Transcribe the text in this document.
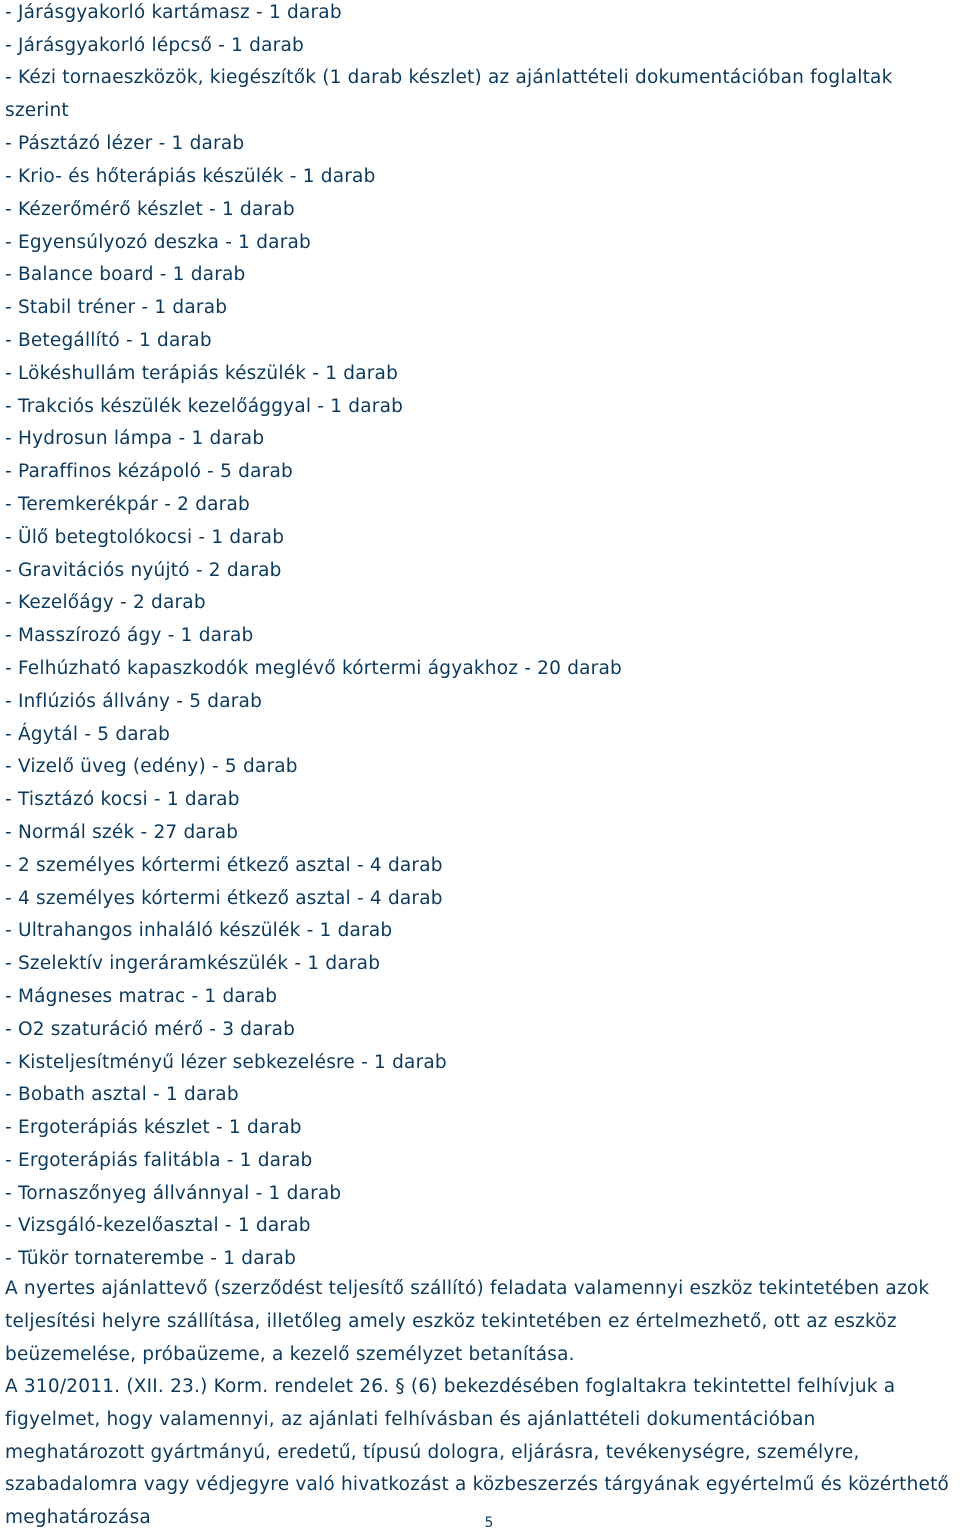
- Járásgyakorló kartámasz - 1 darab
- Járásgyakorló lépcső - 1 darab
- Kézi tornaeszközök, kiegészítők (1 darab készlet) az ajánlattételi dokumentációban foglaltak szerint
- Pásztázó lézer - 1 darab
- Krio- és hőterápiás készülék - 1 darab
- Kézerőmérő készlet - 1 darab
- Egyensúlyozó deszka - 1 darab
- Balance board - 1 darab
- Stabil tréner - 1 darab
- Betegállító - 1 darab
- Lökéshullám terápiás készülék - 1 darab
- Trakciós készülék kezelőággyal - 1 darab
- Hydrosun lámpa - 1 darab
- Paraffinos kézápoló - 5 darab
- Teremkerékpár - 2 darab
- Ülő betegtolókocsi - 1 darab
- Gravitációs nyújtó - 2 darab
- Kezelőágy - 2 darab
- Masszírozó ágy - 1 darab
- Felhúzható kapaszkodók meglévő kórtermi ágyakhoz - 20 darab
- Inflúziós állvány - 5 darab
- Ágytál - 5 darab
- Vizelő üveg (edény) - 5 darab
- Tisztázó kocsi - 1 darab
- Normál szék - 27 darab
- 2 személyes kórtermi étkező asztal - 4 darab
- 4 személyes kórtermi étkező asztal - 4 darab
- Ultrahangos inhaláló készülék - 1 darab
- Szelektív ingeráramkészülék - 1 darab
- Mágneses matrac - 1 darab
- O2 szaturáció mérő - 3 darab
- Kisteljesítményű lézer sebkezelésre - 1 darab
- Bobath asztal - 1 darab
- Ergoterápiás készlet - 1 darab
- Ergoterápiás falitábla - 1 darab
- Tornaszőnyeg állvánnyal - 1 darab
- Vizsgáló-kezelőasztal - 1 darab
- Tükör tornaterembe - 1 darab
A nyertes ajánlattevő (szerződést teljesítő szállító) feladata valamennyi eszköz tekintetében azok teljesítési helyre szállítása, illetőleg amely eszköz tekintetében ez értelmezhető, ott az eszköz beüzemelése, próbaüzeme, a kezelő személyzet betanítása.
A 310/2011. (XII. 23.) Korm. rendelet 26. § (6) bekezdésében foglaltakra tekintettel felhívjuk a figyelmet, hogy valamennyi, az ajánlati felhívásban és ajánlattételi dokumentációban meghatározott gyártmányú, eredetű, típusú dologra, eljárásra, tevékenységre, személyre, szabadalomra vagy védjegyre való hivatkozást a közbeszerzés tárgyának egyértelmű és közérthető meghatározása	5
